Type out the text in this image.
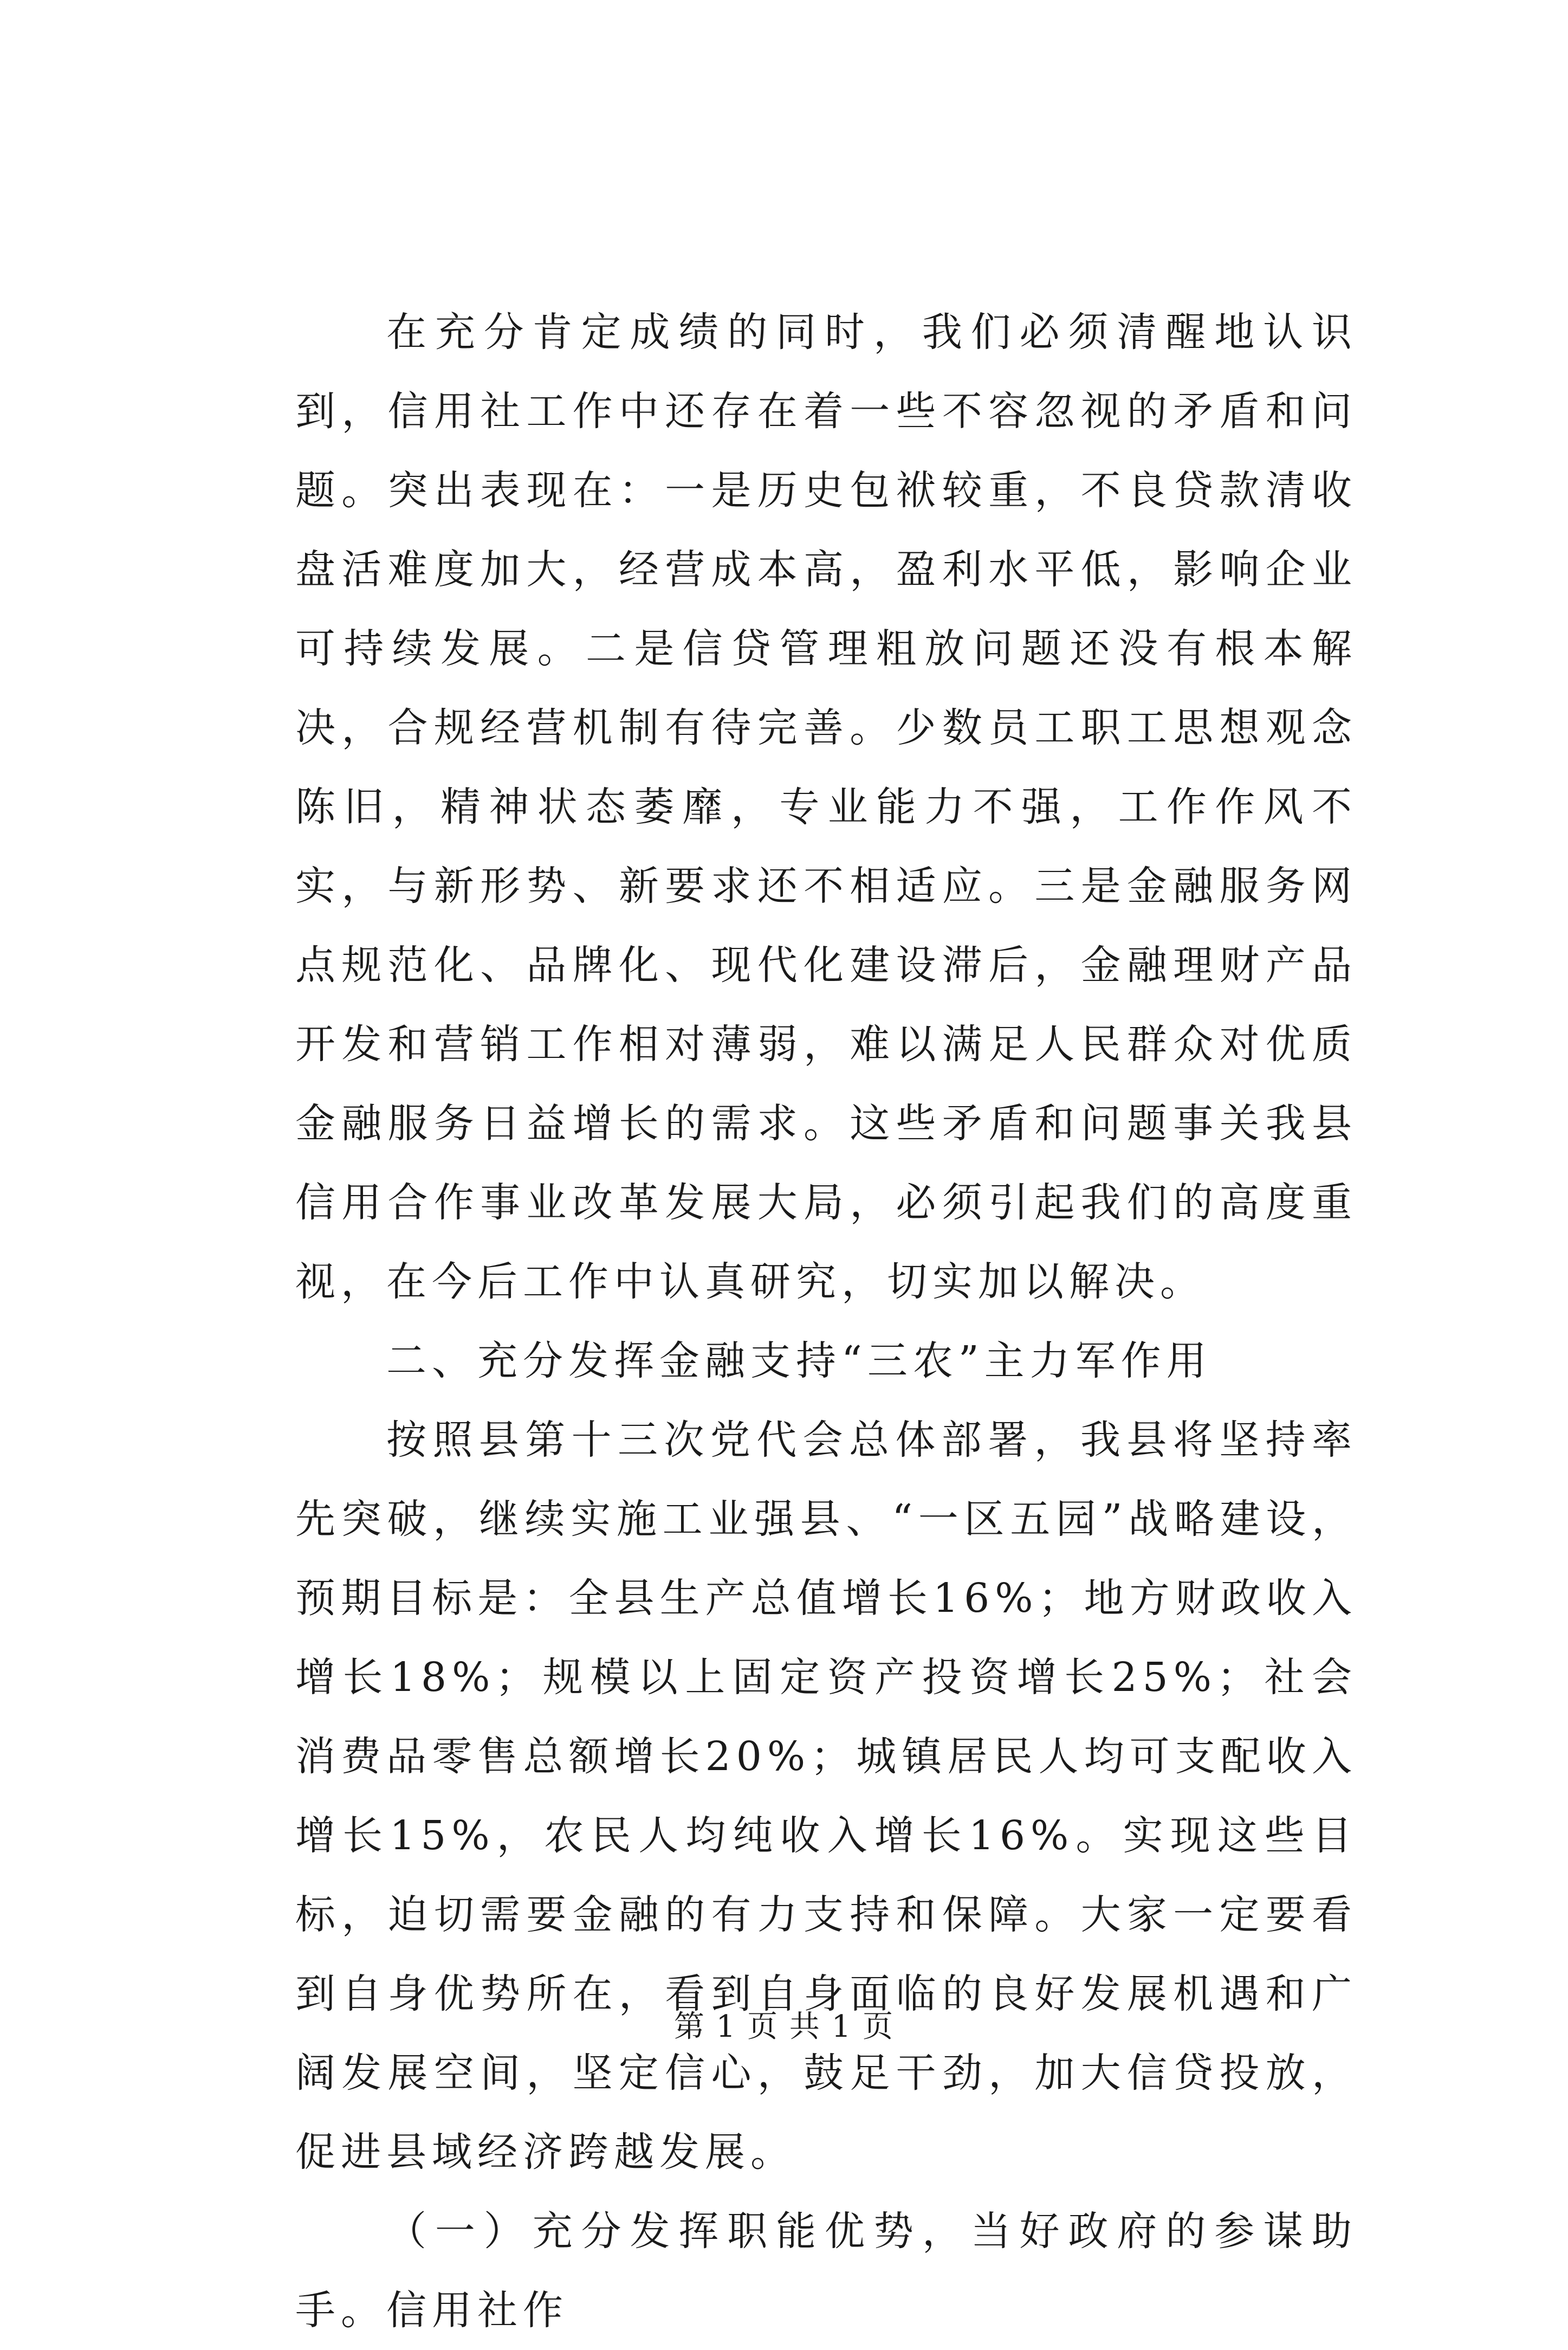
在充分肯定成绩的同时，我们必须清醒地认识到，信用社工作中还存在着一些不容忽视的矛盾和问题。突出表现在：一是历史包袱较重，不良贷款清收盘活难度加大，经营成本高，盈利水平低，影响企业可持续发展。二是信贷管理粗放问题还没有根本解决，合规经营机制有待完善。少数员工职工思想观念陈旧，精神状态萎靡，专业能力不强，工作作风不实，与新形势、新要求还不相适应。三是金融服务网点规范化、品牌化、现代化建设滞后，金融理财产品开发和营销工作相对薄弱，难以满足人民群众对优质金融服务日益增长的需求。这些矛盾和问题事关我县信用合作事业改革发展大局，必须引起我们的高度重视，在今后工作中认真研究，切实加以解决。

二、充分发挥金融支持“三农”主力军作用

按照县第十三次党代会总体部署，我县将坚持率先突破，继续实施工业强县、“一区五园”战略建设，预期目标是：全县生产总值增长16%；地方财政收入增长18%；规模以上固定资产投资增长25%；社会消费品零售总额增长20%；城镇居民人均可支配收入增长15%，农民人均纯收入增长16%。实现这些目标，迫切需要金融的有力支持和保障。大家一定要看到自身优势所在，看到自身面临的良好发展机遇和广阔发展空间，坚定信心，鼓足干劲，加大信贷投放，促进县域经济跨越发展。

（一）充分发挥职能优势，当好政府的参谋助手。信用社作

第 1 页 共 1 页
